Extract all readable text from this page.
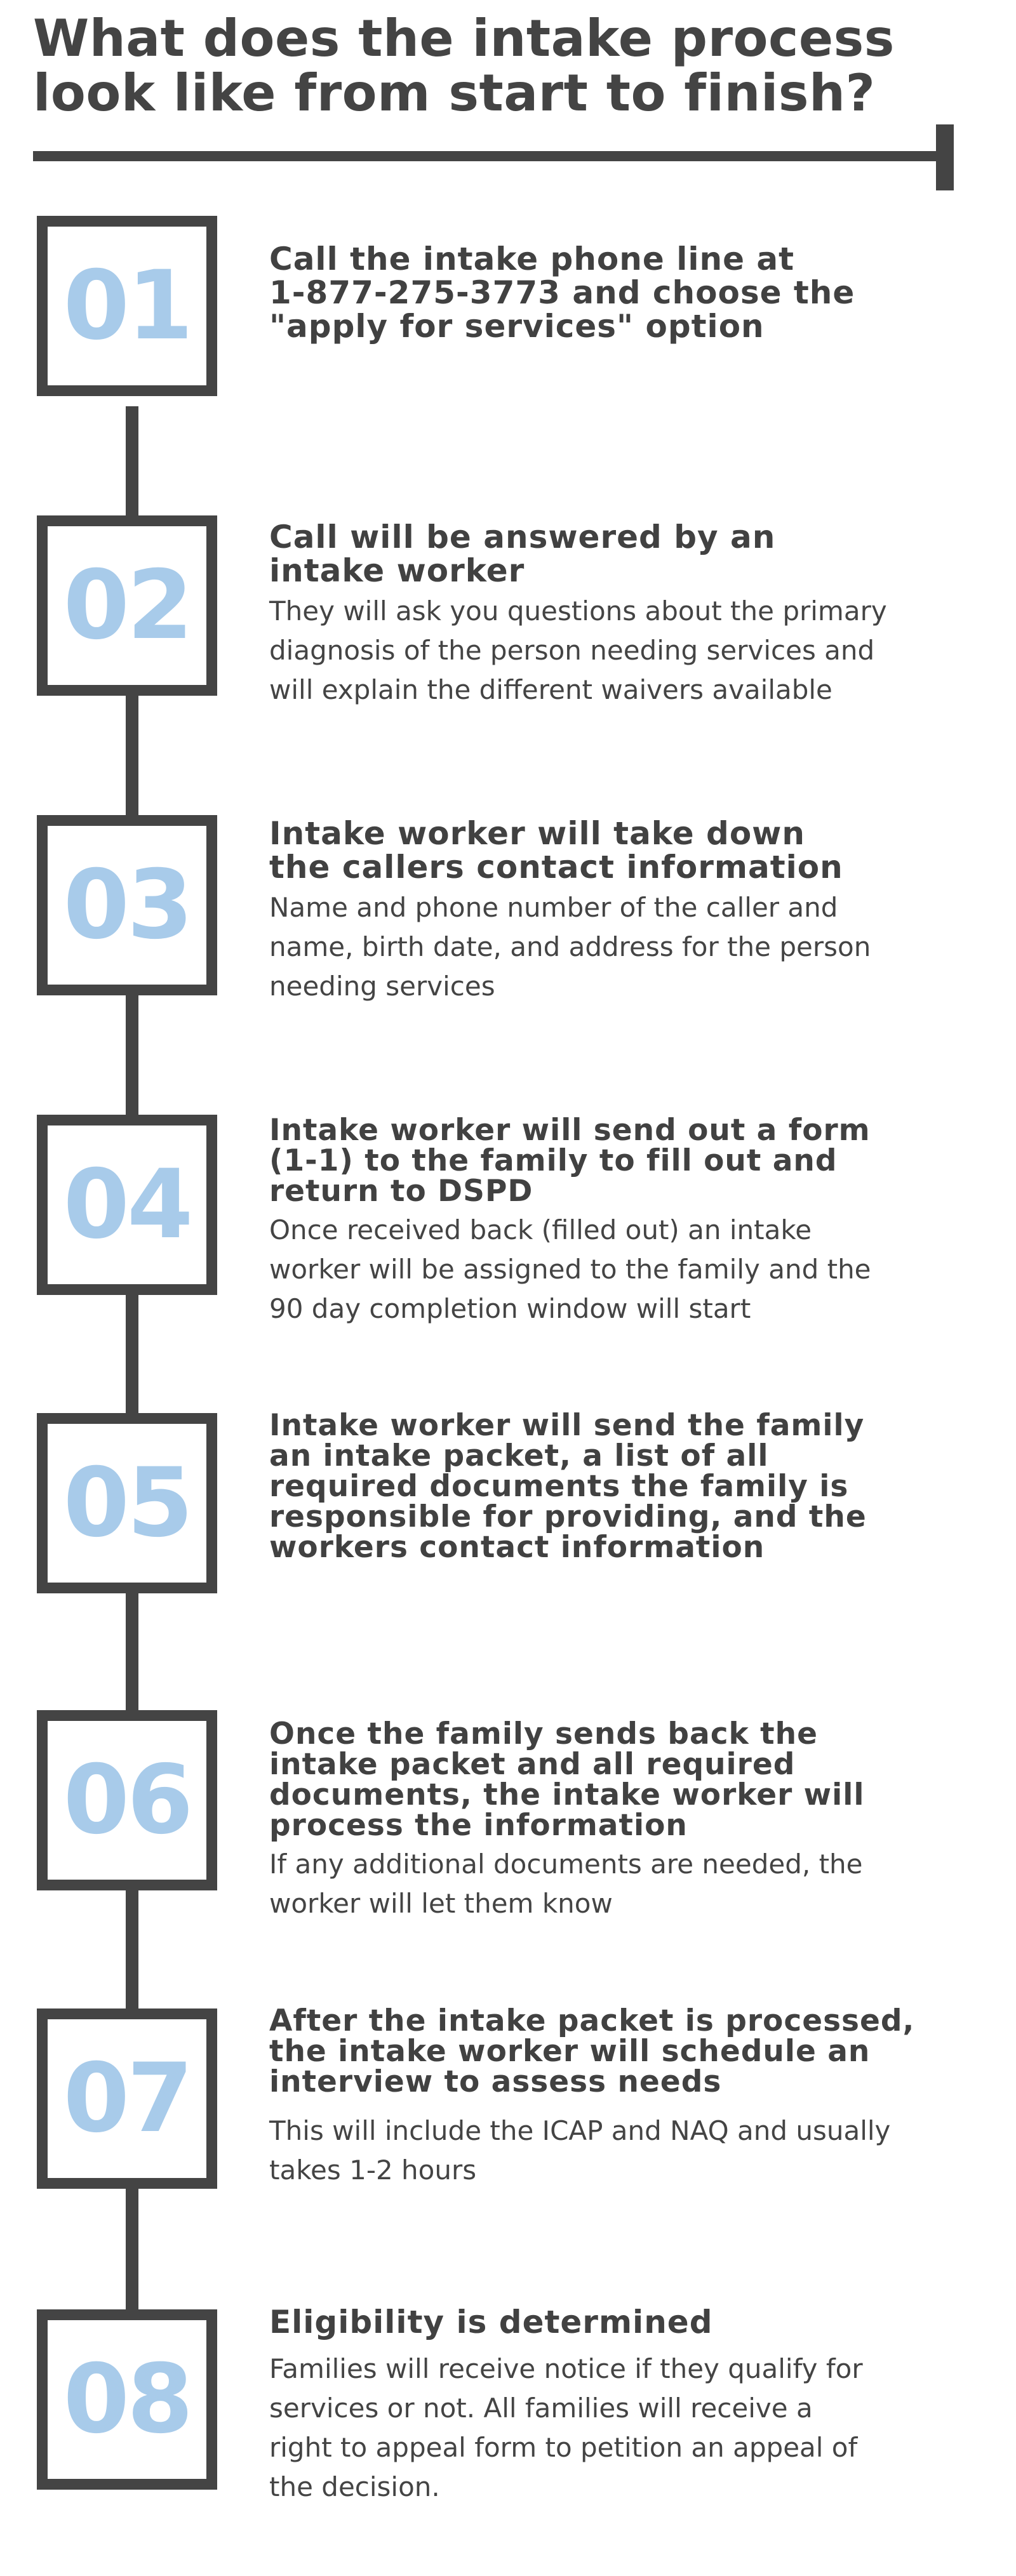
What does the intake process look like from start to finish?
01 Call the intake phone line at
1-877-275-3773 and choose the
"apply for services" option

02

Call will be answered by an
intake worker

They will ask you questions about the primary
diagnosis of the person needing services and
will explain the different waivers available

03

Intake worker will take down
the callers contact information

Name and phone number of the caller and
name, birth date, and address for the person
needing services

04

Intake worker will send out a form
(1-1) to the family to fill out and
return to DSPD

Once received back (filled out) an intake
worker will be assigned to the family and the
90 day completion window will start

05

Intake worker will send the family
an intake packet, a list of all
required documents the family is
responsible for providing, and the
workers contact information

06

Once the family sends back the
intake packet and all required
documents, the intake worker will
process the information

If any additional documents are needed, the
worker will let them know

07

After the intake packet is processed,
the intake worker will schedule an
interview to assess needs

This will include the ICAP and NAQ and usually
takes 1-2 hours

08

Eligibility is determined

Families will receive notice if they qualify for
services or not. All families will receive a
right to appeal form to petition an appeal of
the decision.
